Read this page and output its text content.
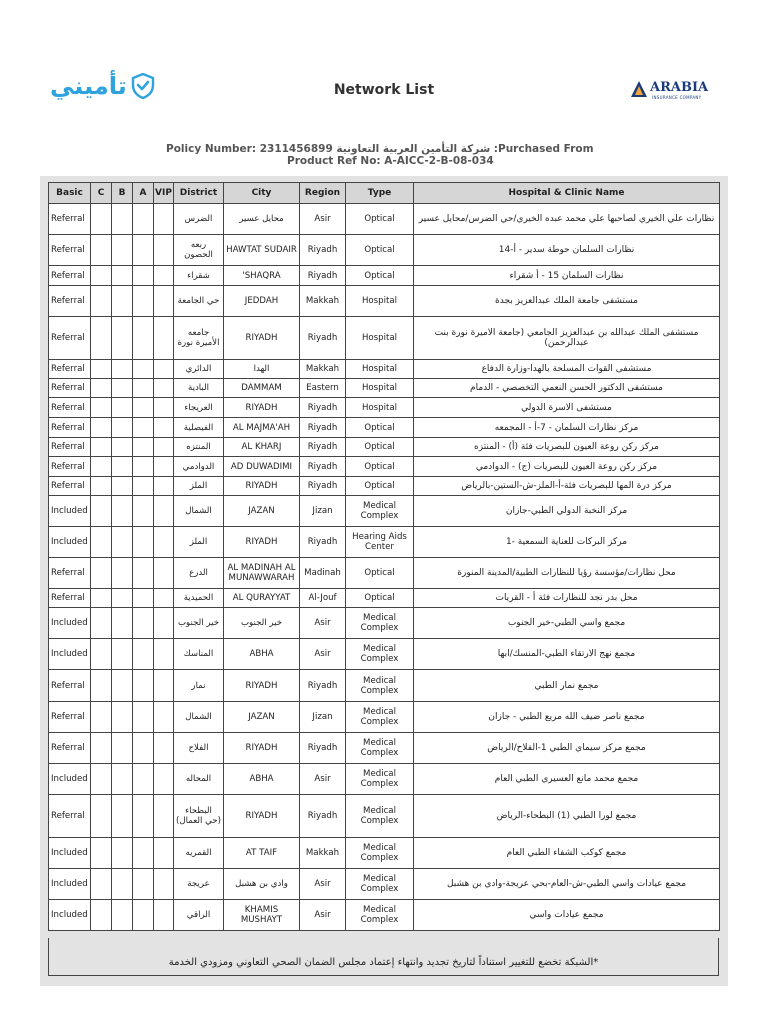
تأميني	Network List	ARABIA
INSURANCE COMPANY
Policy Number: 2311456899 شركة التأمين العربية التعاونية :Purchased From
Product Ref No: A-AICC-2-B-08-034
Basic	C	B	A	VIP	District	City	Region	Type	Hospital & Clinic Name
Referral					الضرس	محايل عسير	Asir	Optical	نظارات علي الخيري لصاحبها علي محمد عبده الخيري/حي الضرس/محايل عسير
Referral					ربعه الحصون	HAWTAT SUDAIR	Riyadh	Optical	نظارات السلمان حوطة سدير - أ-14
Referral					شقراء	SHAQRA'	Riyadh	Optical	نظارات السلمان 15 - أ شقراء
Referral					حي الجامعة	JEDDAH	Makkah	Hospital	مستشفى جامعة الملك عبدالعزيز بجدة
Referral					جامعه الأميرة نورة	RIYADH	Riyadh	Hospital	مستشفى الملك عبدالله بن عبدالعزيز الجامعي (جامعة الاميرة نورة بنت عبدالرحمن)
Referral					الدائري	الهدا	Makkah	Hospital	مستشفى القوات المسلحة بالهدا-وزارة الدفاع
Referral					البادية	DAMMAM	Eastern	Hospital	مستشفى الدكتور الحسن النعمي التخصصي - الدمام
Referral					العريجاء	RIYADH	Riyadh	Hospital	مستشفى الاسرة الدولي
Referral					الفيصلية	AL MAJMA'AH	Riyadh	Optical	مركز نظارات السلمان - 7-أ - المجمعه
Referral					المنتزه	AL KHARJ	Riyadh	Optical	مركز ركن روعة العيون للبصريات فئة (أ) - المنتزه
Referral					الدوادمي	AD DUWADIMI	Riyadh	Optical	مركز ركن روعة العيون للبصريات (ج) - الدوادمي
Referral					الملز	RIYADH	Riyadh	Optical	مركز درة المها للبصريات فئة-أ-الملز-ش-الستين-بالرياض
Included					الشمال	JAZAN	Jizan	Medical Complex	مركز النخبة الدولي الطبي-جازان
Included					الملز	RIYADH	Riyadh	Hearing Aids Center	مركز البركات للعناية السمعية -1
Referral					الدرع	AL MADINAH AL MUNAWWARAH	Madinah	Optical	محل نظارات/مؤسسة رؤيا للنظارات الطبية/المدينة المنورة
Referral					الحميدية	AL QURAYYAT	Al-Jouf	Optical	محل بدر نجد للنظارات فئة أ - القريات
Included					خير الجنوب	خير الجنوب	Asir	Medical Complex	مجمع واسي الطبي-خير الجنوب
Included					المناسك	ABHA	Asir	Medical Complex	مجمع نهج الارتقاء الطبي-المنسك/ابها
Referral					نمار	RIYADH	Riyadh	Medical Complex	مجمع نمار الطبي
Referral					الشمال	JAZAN	Jizan	Medical Complex	مجمع ناصر ضيف الله مريع الطبي - جازان
Referral					الفلاح	RIYADH	Riyadh	Medical Complex	مجمع مركز سيماي الطبي 1-الفلاح/الرياض
Included					المحاله	ABHA	Asir	Medical Complex	مجمع محمد مانع العسيري الطبي العام
Referral					البطحاء (حي العمال)	RIYADH	Riyadh	Medical Complex	مجمع لورا الطبي (1) البطحاء-الرياض
Included					القمريه	AT TAIF	Makkah	Medical Complex	مجمع كوكب الشفاء الطبي العام
Included					عريجة	وادي بن هشبل	Asir	Medical Complex	مجمع عيادات واسي الطبي-ش-العام-بحي عريجة-وادي بن هشبل
Included					الراقي	KHAMIS MUSHAYT	Asir	Medical Complex	مجمع عيادات واسي
*الشبكة تخضع للتغيير استناداً لتاريخ تجديد وانتهاء إعتماد مجلس الضمان الصحي التعاوني ومزودي الخدمة
